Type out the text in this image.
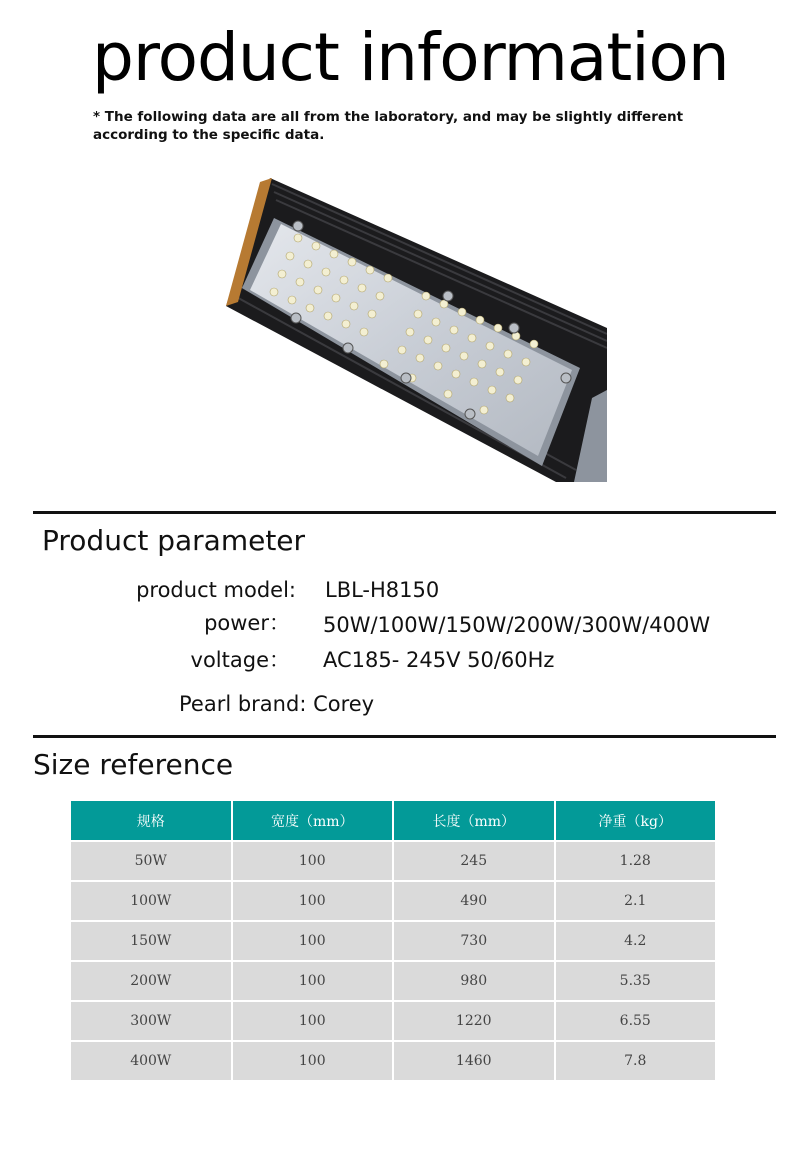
product information
* The following data are all from the laboratory, and may be slightly different according to the specific data.
Product parameter
product model: LBL-H8150
power： 50W/100W/150W/200W/300W/400W
voltage： AC185- 245V 50/60Hz
Pearl brand: Corey
Size reference
规格	宽度（mm）	长度（mm）	净重（kg）
50W	100	245	1.28
100W	100	490	2.1
150W	100	730	4.2
200W	100	980	5.35
300W	100	1220	6.55
400W	100	1460	7.8
